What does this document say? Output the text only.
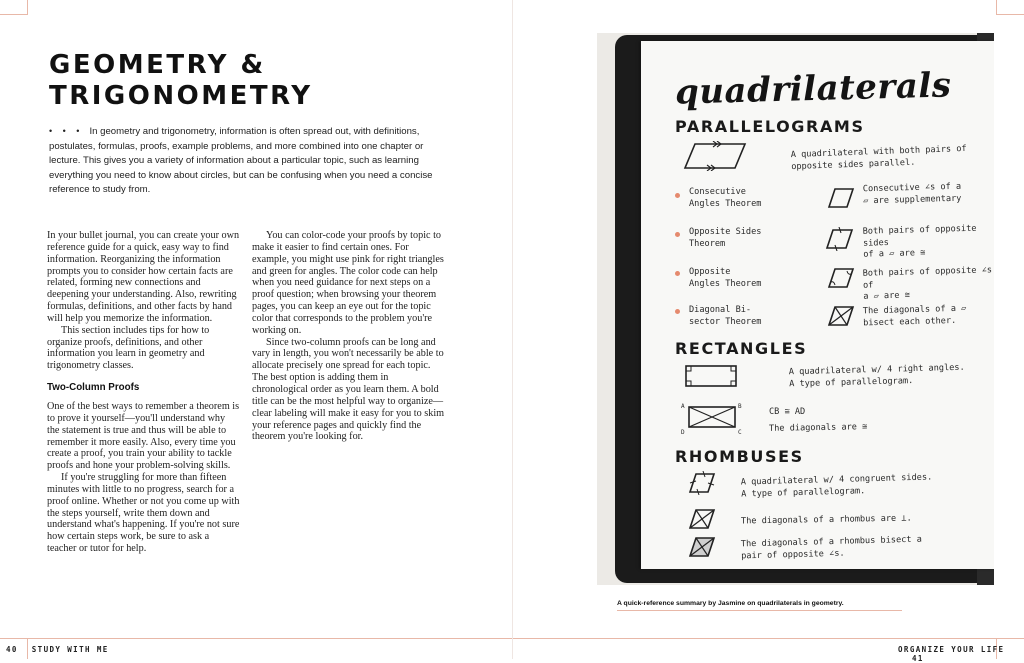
GEOMETRY &
TRIGONOMETRY

• • • In geometry and trigonometry, information is often spread out, with definitions, postulates, formulas, proofs, example problems, and more combined into one chapter or lecture. This gives you a variety of information about a particular topic, such as learning everything you need to know about circles, but can be confusing when you need a concise reference to study from.

In your bullet journal, you can create your own reference guide for a quick, easy way to find information. Reorganizing the information prompts you to consider how certain facts are related, forming new connections and deepening your understanding. Also, rewriting formulas, definitions, and other facts by hand will help you memorize the information.

This section includes tips for how to organize proofs, definitions, and other information you learn in geometry and trigonometry classes.

Two-Column Proofs

One of the best ways to remember a theorem is to prove it yourself—you'll understand why the statement is true and thus will be able to remember it more easily. Also, every time you create a proof, you train your ability to tackle proofs and hone your problem-solving skills.

If you're struggling for more than fifteen minutes with little to no progress, search for a proof online. Whether or not you come up with the steps yourself, write them down and understand what's happening. If you're not sure how certain steps work, be sure to ask a teacher or tutor for help.

You can color-code your proofs by topic to make it easier to find certain ones. For example, you might use pink for right triangles and green for angles. The color code can help when you need guidance for next steps on a proof question; when browsing your theorem pages, you can keep an eye out for the topic color that corresponds to the problem you're working on.

Since two-column proofs can be long and vary in length, you won't necessarily be able to allocate precisely one spread for each topic. The best option is adding them in chronological order as you learn them. A bold title can be the most helpful way to organize—clear labeling will make it easy for you to skim your reference pages and quickly find the theorem you're looking for.

quadrilaterals

PARALLELOGRAMS

A quadrilateral with both pairs of
opposite sides parallel.

Consecutive
Angles Theorem

Consecutive ∠s of a
▱ are supplementary

Opposite Sides
Theorem

Both pairs of opposite sides
of a ▱ are ≅

Opposite
Angles Theorem

Both pairs of opposite ∠s of
a ▱ are ≅

Diagonal Bi-
sector Theorem

The diagonals of a ▱
bisect each other.

RECTANGLES

A quadrilateral w/ 4 right angles.
A type of parallelogram.

A	B
C
D

CB ≅ AD

The diagonals are ≅

RHOMBUSES

A quadrilateral w/ 4 congruent sides.
A type of parallelogram.

The diagonals of a rhombus are ⊥.

The diagonals of a rhombus bisect a
pair of opposite ∠s.

A quick-reference summary by Jasmine on quadrilaterals in geometry.

40 STUDY WITH ME	ORGANIZE YOUR LIFE 41
